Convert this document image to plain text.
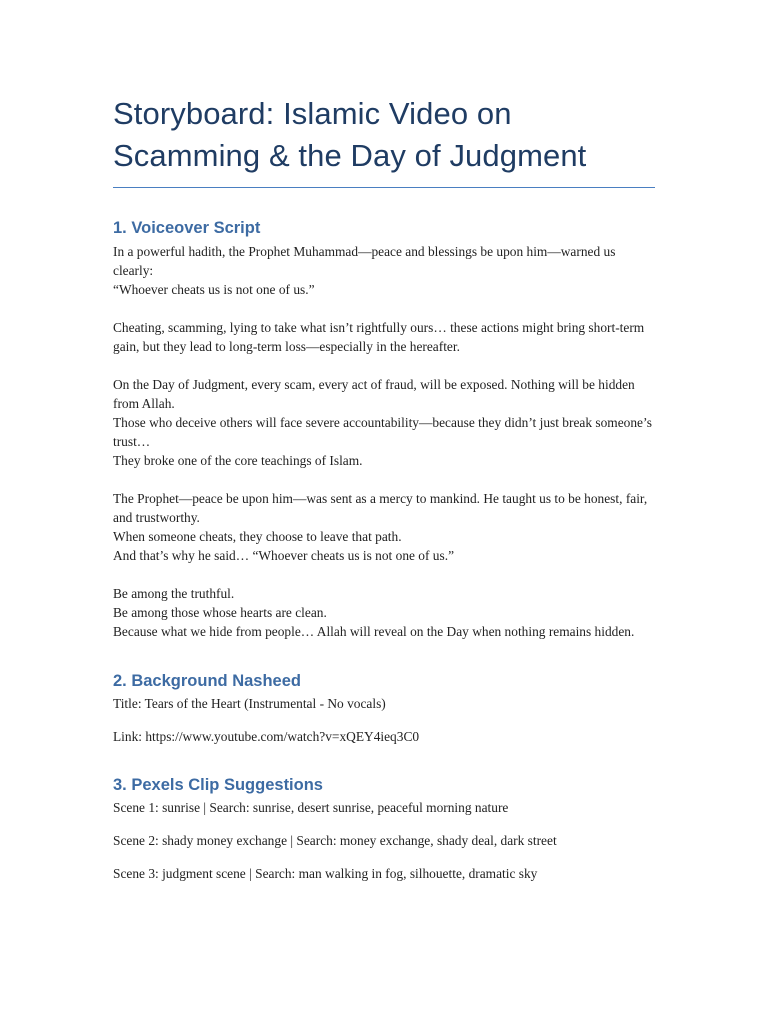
Storyboard: Islamic Video on Scamming & the Day of Judgment
1. Voiceover Script

In a powerful hadith, the Prophet Muhammad—peace and blessings be upon him—warned us clearly:

“Whoever cheats us is not one of us.”

Cheating, scamming, lying to take what isn’t rightfully ours… these actions might bring short-term gain, but they lead to long-term loss—especially in the hereafter.

On the Day of Judgment, every scam, every act of fraud, will be exposed. Nothing will be hidden from Allah.

Those who deceive others will face severe accountability—because they didn’t just break someone’s trust…

They broke one of the core teachings of Islam.

The Prophet—peace be upon him—was sent as a mercy to mankind. He taught us to be honest, fair, and trustworthy.

When someone cheats, they choose to leave that path.

And that’s why he said… “Whoever cheats us is not one of us.”

Be among the truthful.

Be among those whose hearts are clean.

Because what we hide from people… Allah will reveal on the Day when nothing remains hidden.

2. Background Nasheed

Title: Tears of the Heart (Instrumental - No vocals)

Link: https://www.youtube.com/watch?v=xQEY4ieq3C0

3. Pexels Clip Suggestions

Scene 1: sunrise | Search: sunrise, desert sunrise, peaceful morning nature

Scene 2: shady money exchange | Search: money exchange, shady deal, dark street

Scene 3: judgment scene | Search: man walking in fog, silhouette, dramatic sky
